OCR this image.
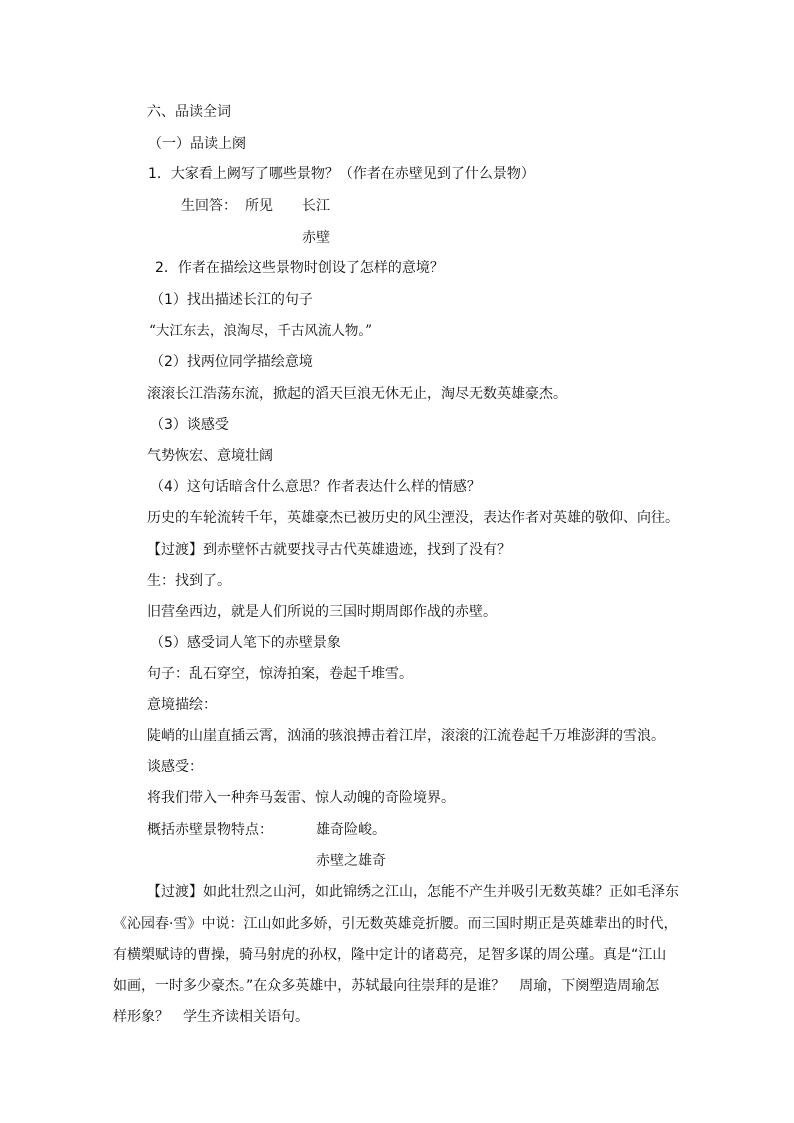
六、品读全词
（一）品读上阕
1．大家看上阙写了哪些景物？（作者在赤壁见到了什么景物）
生回答： 所见 长江
赤壁
2．作者在描绘这些景物时创设了怎样的意境？
（1）找出描述长江的句子
“大江东去，浪淘尽，千古风流人物。”
（2）找两位同学描绘意境
滚滚长江浩荡东流，掀起的滔天巨浪无休无止，淘尽无数英雄豪杰。
（3）谈感受
气势恢宏、意境壮阔
（4）这句话暗含什么意思？作者表达什么样的情感？
历史的车轮流转千年，英雄豪杰已被历史的风尘湮没，表达作者对英雄的敬仰、向往。
【过渡】到赤壁怀古就要找寻古代英雄遗迹，找到了没有？
生：找到了。
旧营垒西边，就是人们所说的三国时期周郎作战的赤壁。
（5）感受词人笔下的赤壁景象
句子：乱石穿空，惊涛拍案，卷起千堆雪。
意境描绘：
陡峭的山崖直插云霄，汹涌的骇浪搏击着江岸，滚滚的江流卷起千万堆澎湃的雪浪。
谈感受：
将我们带入一种奔马轰雷、惊人动魄的奇险境界。
概括赤壁景物特点：	雄奇险峻。
赤壁之雄奇
【过渡】如此壮烈之山河，如此锦绣之江山，怎能不产生并吸引无数英雄？正如毛泽东
《沁园春·雪》中说：江山如此多娇，引无数英雄竞折腰。而三国时期正是英雄辈出的时代，
有横槊赋诗的曹操，骑马射虎的孙权，隆中定计的诸葛亮，足智多谋的周公瑾。真是“江山
如画，一时多少豪杰。”在众多英雄中，苏轼最向往崇拜的是谁？　周瑜，下阕塑造周瑜怎
样形象？　学生齐读相关语句。
